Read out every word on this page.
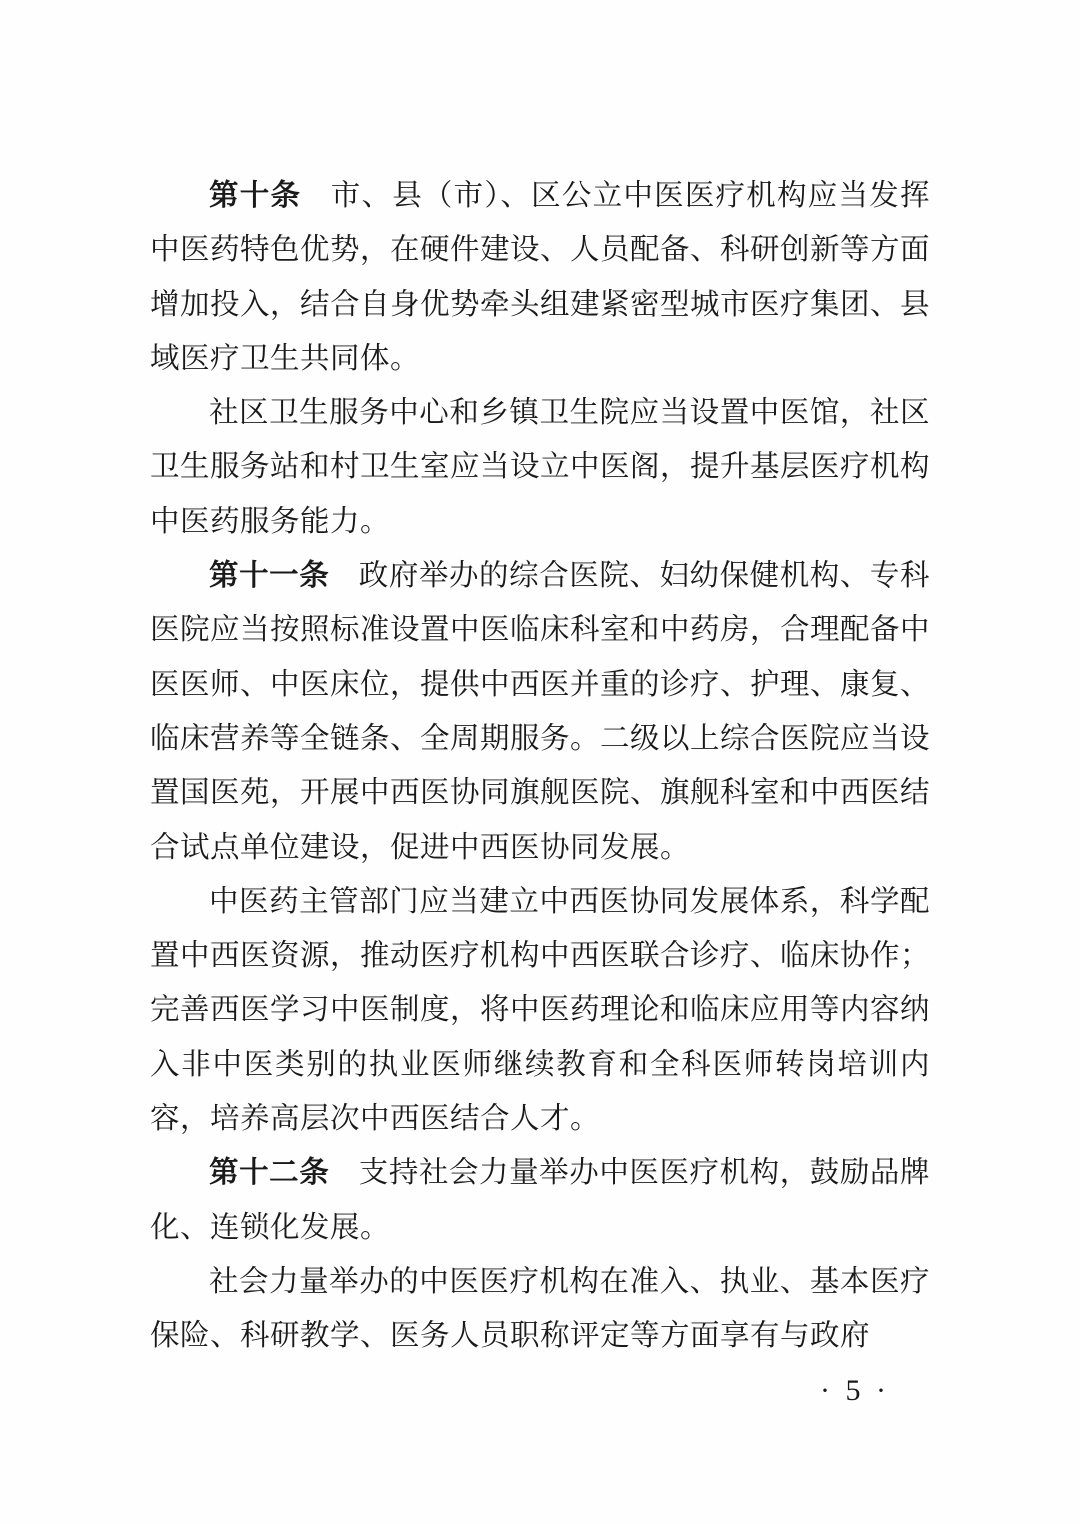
第十条 市、县（市）、区公立中医医疗机构应当发挥中医药特色优势，在硬件建设、人员配备、科研创新等方面增加投入，结合自身优势牵头组建紧密型城市医疗集团、县域医疗卫生共同体。

社区卫生服务中心和乡镇卫生院应当设置中医馆，社区卫生服务站和村卫生室应当设立中医阁，提升基层医疗机构中医药服务能力。

第十一条 政府举办的综合医院、妇幼保健机构、专科医院应当按照标准设置中医临床科室和中药房，合理配备中医医师、中医床位，提供中西医并重的诊疗、护理、康复、临床营养等全链条、全周期服务。二级以上综合医院应当设置国医苑，开展中西医协同旗舰医院、旗舰科室和中西医结合试点单位建设，促进中西医协同发展。

中医药主管部门应当建立中西医协同发展体系，科学配置中西医资源，推动医疗机构中西医联合诊疗、临床协作；完善西医学习中医制度，将中医药理论和临床应用等内容纳入非中医类别的执业医师继续教育和全科医师转岗培训内容，培养高层次中西医结合人才。

第十二条 支持社会力量举办中医医疗机构，鼓励品牌化、连锁化发展。

社会力量举办的中医医疗机构在准入、执业、基本医疗保险、科研教学、医务人员职称评定等方面享有与政府

· 5 ·
